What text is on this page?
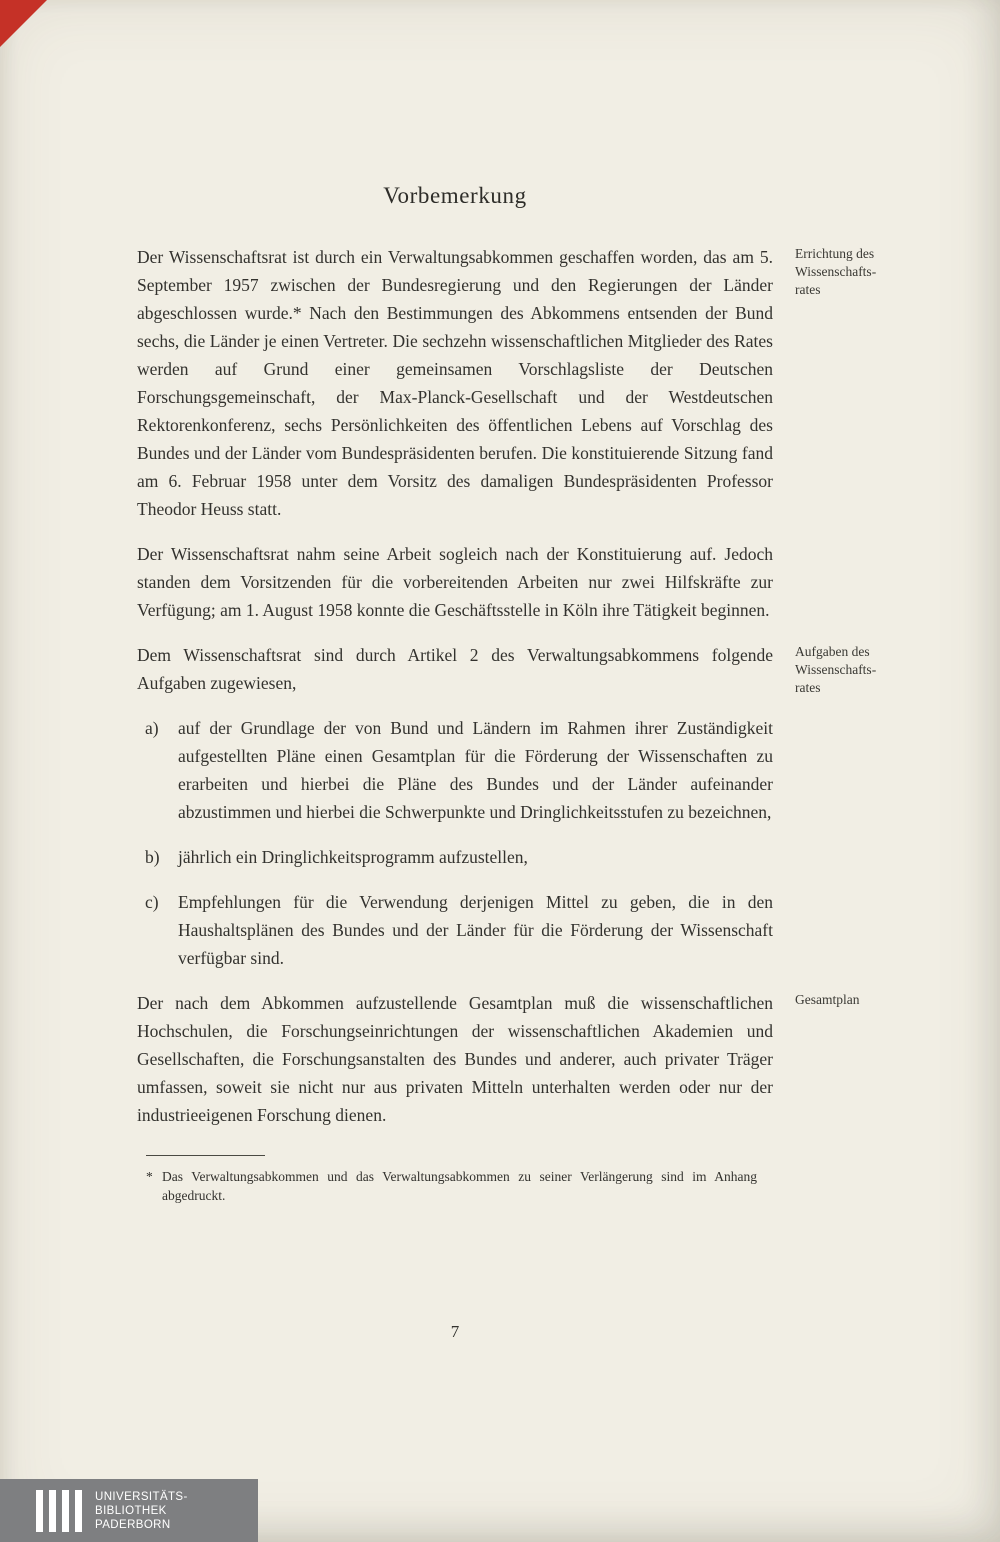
Vorbemerkung

Der Wissenschaftsrat ist durch ein Verwaltungsabkommen geschaffen worden, das am 5. September 1957 zwischen der Bundesregierung und den Regierungen der Länder abgeschlossen wurde.* Nach den Bestimmungen des Abkommens entsenden der Bund sechs, die Länder je einen Vertreter. Die sechzehn wissenschaftlichen Mitglieder des Rates werden auf Grund einer gemeinsamen Vorschlagsliste der Deutschen Forschungsgemeinschaft, der Max-Planck-Gesellschaft und der Westdeutschen Rektorenkonferenz, sechs Persönlichkeiten des öffentlichen Lebens auf Vorschlag des Bundes und der Länder vom Bundespräsidenten berufen. Die konstituierende Sitzung fand am 6. Februar 1958 unter dem Vorsitz des damaligen Bundespräsidenten Professor Theodor Heuss statt.

Errichtung des
Wissenschafts-
rates

Der Wissenschaftsrat nahm seine Arbeit sogleich nach der Konstituierung auf. Jedoch standen dem Vorsitzenden für die vorbereitenden Arbeiten nur zwei Hilfskräfte zur Verfügung; am 1. August 1958 konnte die Geschäftsstelle in Köln ihre Tätigkeit beginnen.

Dem Wissenschaftsrat sind durch Artikel 2 des Verwaltungsabkommens folgende Aufgaben zugewiesen,

Aufgaben des
Wissenschafts-
rates
a) auf der Grundlage der von Bund und Ländern im Rahmen ihrer Zuständigkeit aufgestellten Pläne einen Gesamtplan für die Förderung der Wissenschaften zu erarbeiten und hierbei die Pläne des Bundes und der Länder aufeinander abzustimmen und hierbei die Schwerpunkte und Dringlichkeitsstufen zu bezeichnen,
b) jährlich ein Dringlichkeitsprogramm aufzustellen,
c) Empfehlungen für die Verwendung derjenigen Mittel zu geben, die in den Haushaltsplänen des Bundes und der Länder für die Förderung der Wissenschaft verfügbar sind.

Der nach dem Abkommen aufzustellende Gesamtplan muß die wissenschaftlichen Hochschulen, die Forschungseinrichtungen der wissenschaftlichen Akademien und Gesellschaften, die Forschungsanstalten des Bundes und anderer, auch privater Träger umfassen, soweit sie nicht nur aus privaten Mitteln unterhalten werden oder nur der industrieeigenen Forschung dienen.

Gesamtplan
* Das Verwaltungsabkommen und das Verwaltungsabkommen zu seiner Verlängerung sind im Anhang abgedruckt.
7
UNIVERSITÄTS-
BIBLIOTHEK
PADERBORN
